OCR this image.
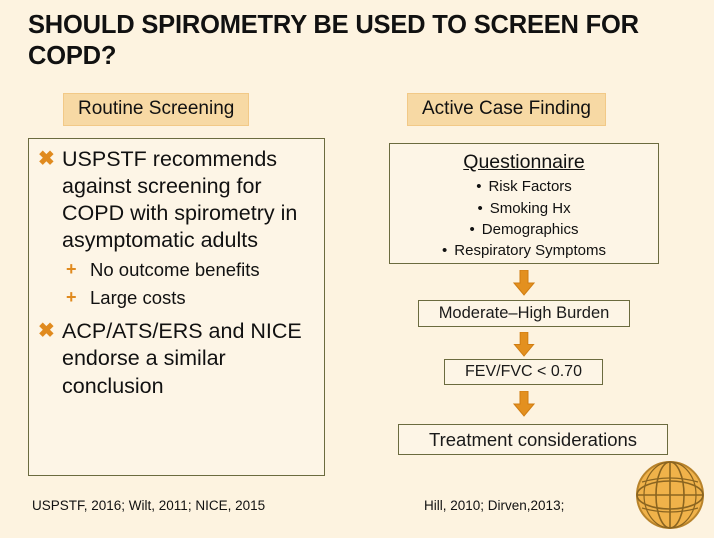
SHOULD SPIROMETRY BE USED TO SCREEN FOR COPD?
Routine Screening	Active Case Finding
✖ USPSTF recommends against screening for COPD with spirometry in asymptomatic adults
+ No outcome benefits
+ Large costs
✖ ACP/ATS/ERS and NICE endorse a similar conclusion
Questionnaire
• Risk Factors
• Smoking Hx
• Demographics
• Respiratory Symptoms
Moderate–High Burden
FEV/FVC < 0.70
Treatment considerations
USPSTF, 2016; Wilt, 2011; NICE, 2015	Hill, 2010; Dirven,2013;
